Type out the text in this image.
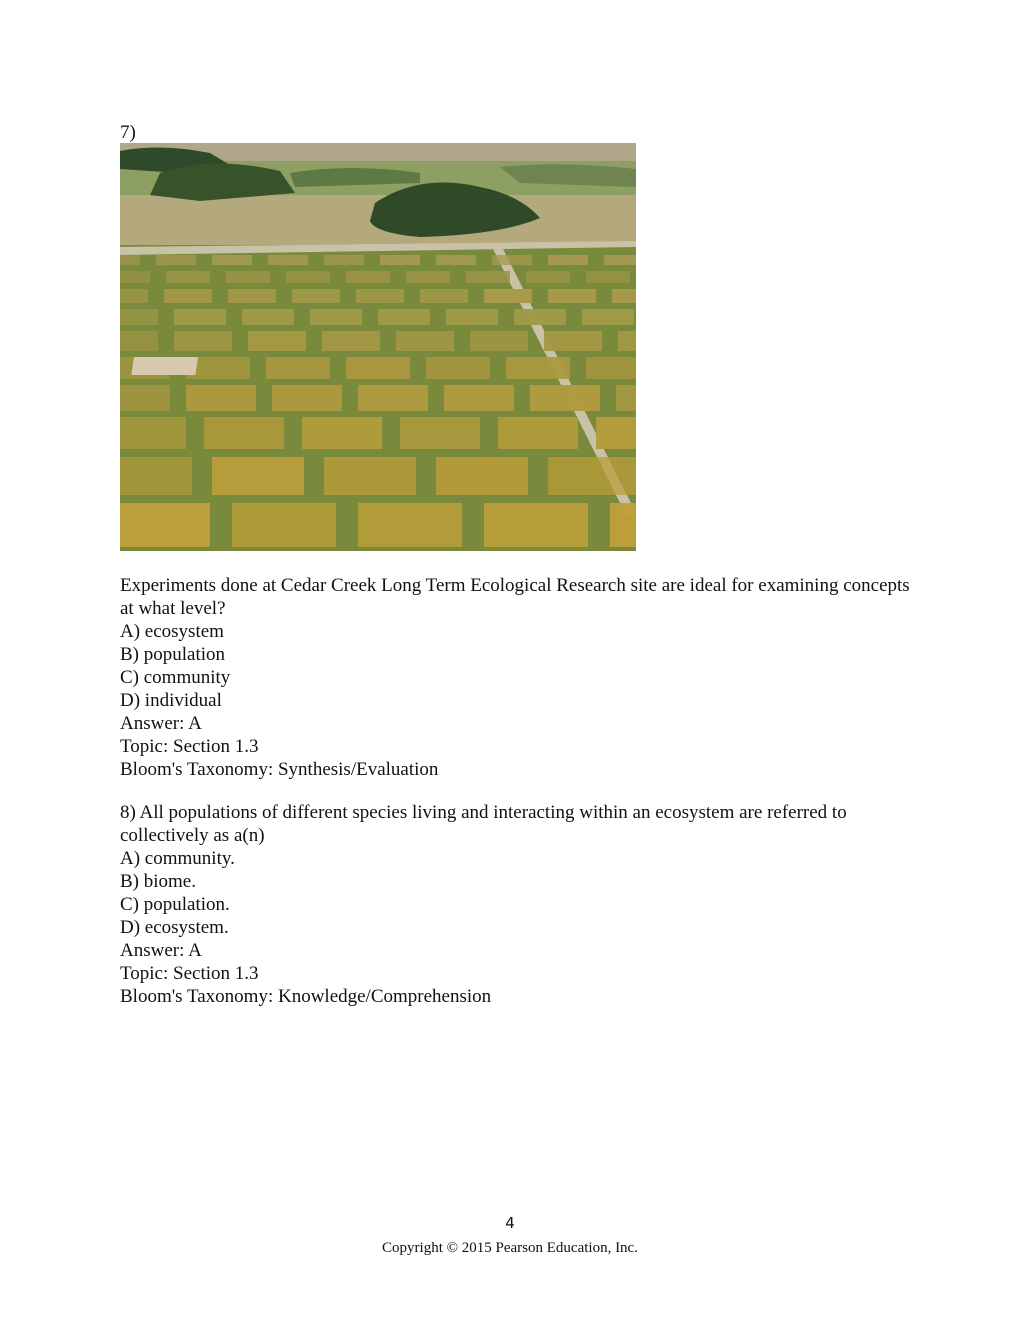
7)

Experiments done at Cedar Creek Long Term Ecological Research site are ideal for examining concepts at what level?

A) ecosystem

B) population

C) community

D) individual

Answer: A

Topic: Section 1.3

Bloom's Taxonomy: Synthesis/Evaluation

8) All populations of different species living and interacting within an ecosystem are referred to collectively as a(n)

A) community.

B) biome.

C) population.

D) ecosystem.

Answer: A

Topic: Section 1.3

Bloom's Taxonomy: Knowledge/Comprehension

4
Copyright © 2015 Pearson Education, Inc.
